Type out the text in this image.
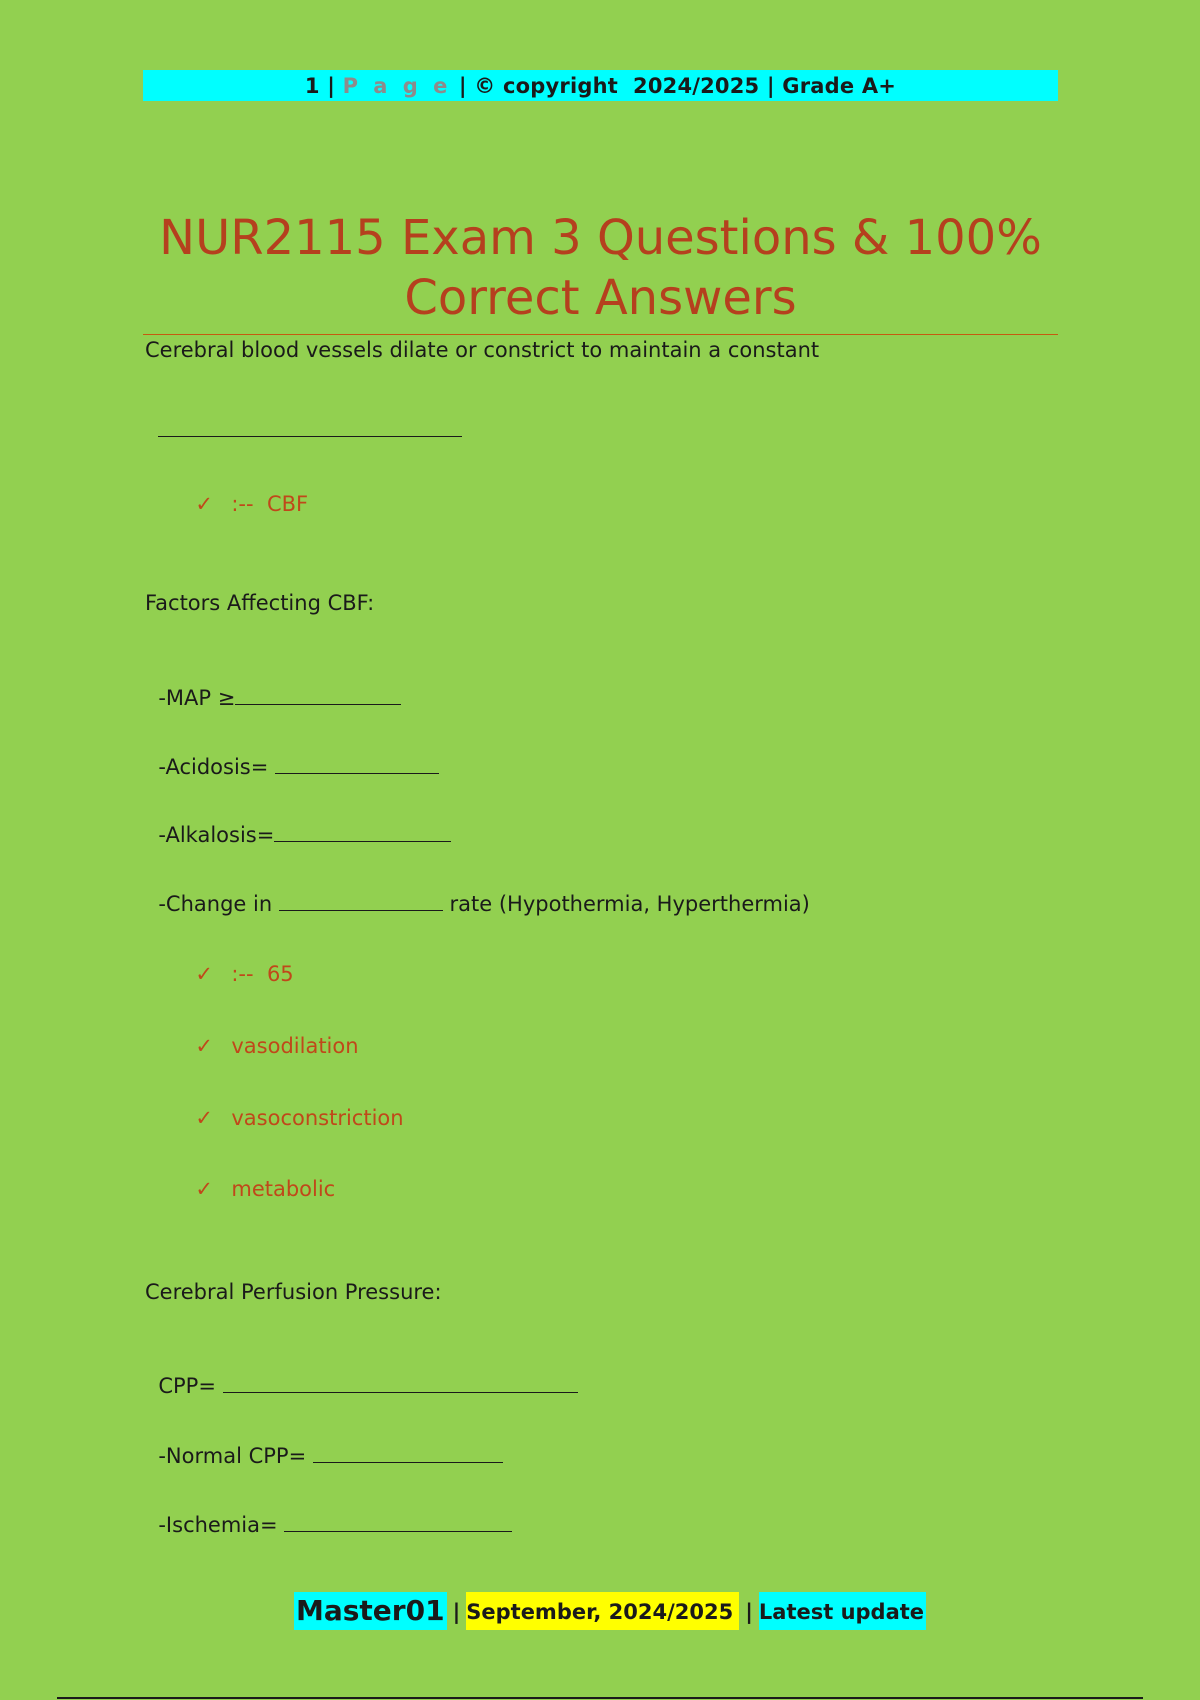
1
|
P a g e
|
© copyright  2024/2025
|
Grade A+
NUR2115 Exam 3 Questions & 100%
Correct Answers
Cerebral blood vessels dilate or constrict to maintain a constant

✓ :--  CBF

Factors Affecting CBF:

-MAP ≥

-Acidosis=

-Alkalosis=

-Change in	rate (Hypothermia, Hyperthermia)

✓ :--  65

✓ vasodilation

✓ vasoconstriction

✓ metabolic

Cerebral Perfusion Pressure:

CPP=

-Normal CPP=

-Ischemia=

Master01 | September, 2024/2025 | Latest update
